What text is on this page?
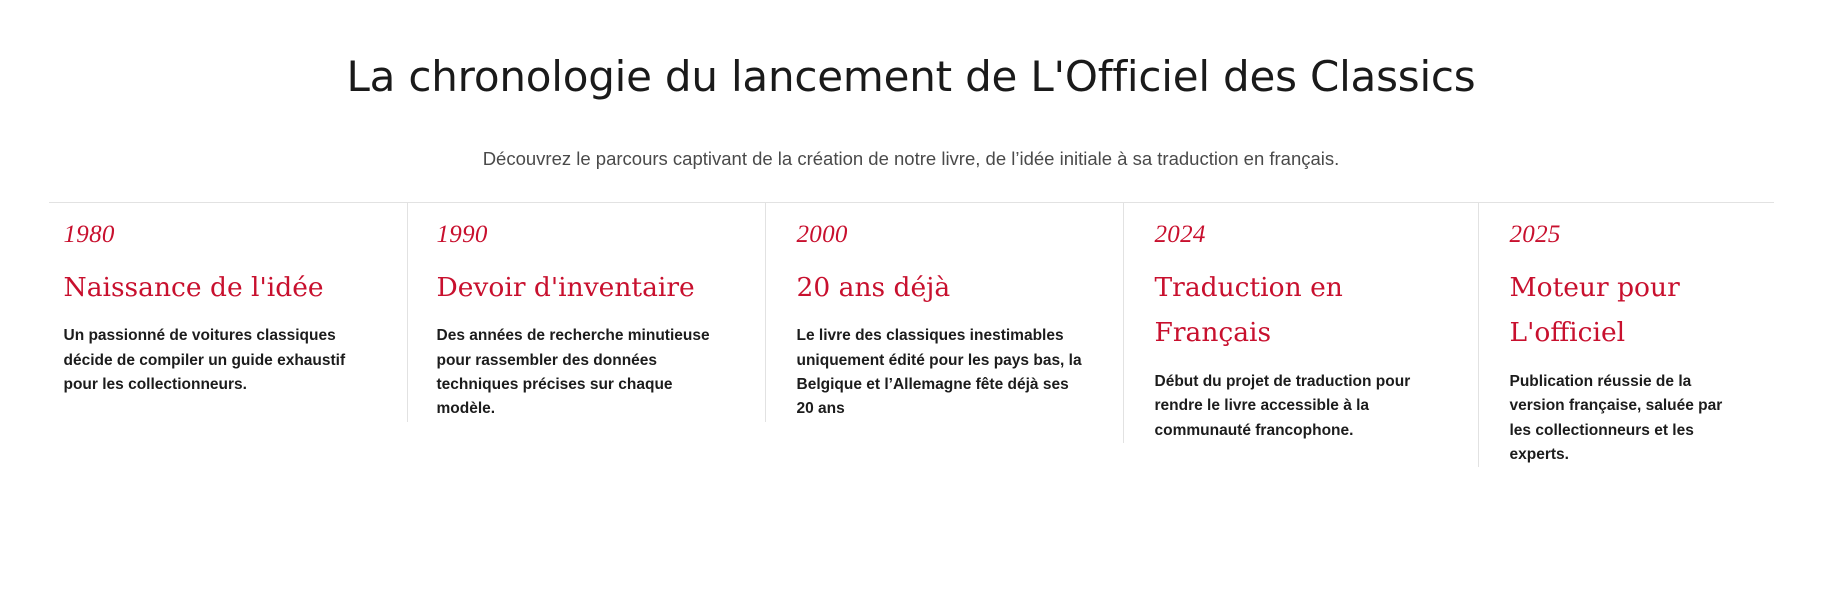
La chronologie du lancement de L'Officiel des Classics

Découvrez le parcours captivant de la création de notre livre, de l’idée initiale à sa traduction en français.

1980
Naissance de l'idée

Un passionné de voitures classiques décide de compiler un guide exhaustif pour les collectionneurs.

1990
Devoir d'inventaire

Des années de recherche minutieuse pour rassembler des données techniques précises sur chaque modèle.

2000
20 ans déjà

Le livre des classiques inestimables uniquement édité pour les pays bas, la Belgique et l’Allemagne fête déjà ses 20 ans

2024
Traduction en Français

Début du projet de traduction pour rendre le livre accessible à la communauté francophone.

2025
Moteur pour L'officiel

Publication réussie de la version française, saluée par les collectionneurs et les experts.
